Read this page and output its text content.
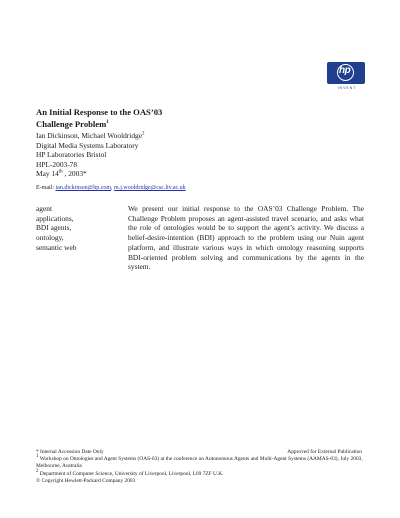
hp
INVENT
An Initial Response to the OAS’03
Challenge Problem$^1$
Ian Dickinson, Michael Wooldridge$^2$
Digital Media Systems Laboratory
HP Laboratories Bristol
HPL-2003-78
May 14th , 2003*
E-mail: ian.dickinson@hp.com, m.j.wooldridge@csc.liv.ac.uk
agent
applications,
BDI agents,
ontology,
semantic web
We present our initial response to the OAS’03 Challenge Problem. The Challenge Problem proposes an agent-assisted travel scenario, and asks what the role of ontologies would be to support the agent’s activity. We discuss a belief-desire-intention (BDI) approach to the problem using our Nuin agent platform, and illustrate various ways in which ontology reasoning supports BDI-oriented problem solving and communications by the agents in the system.
* Internal Accession Date Only	Approved for External Publication
$^1$ Workshop on Ontologies and Agent Systems (OAS-03) at the conference on Autonomous Agents and Multi-Agent Systems (AAMAS-03), July 2003, Melbourne, Australia
$^2$ Department of Computer Science, University of Liverpool, Liverpool, L69 7ZF U.K.
© Copyright Hewlett-Packard Company 2003
